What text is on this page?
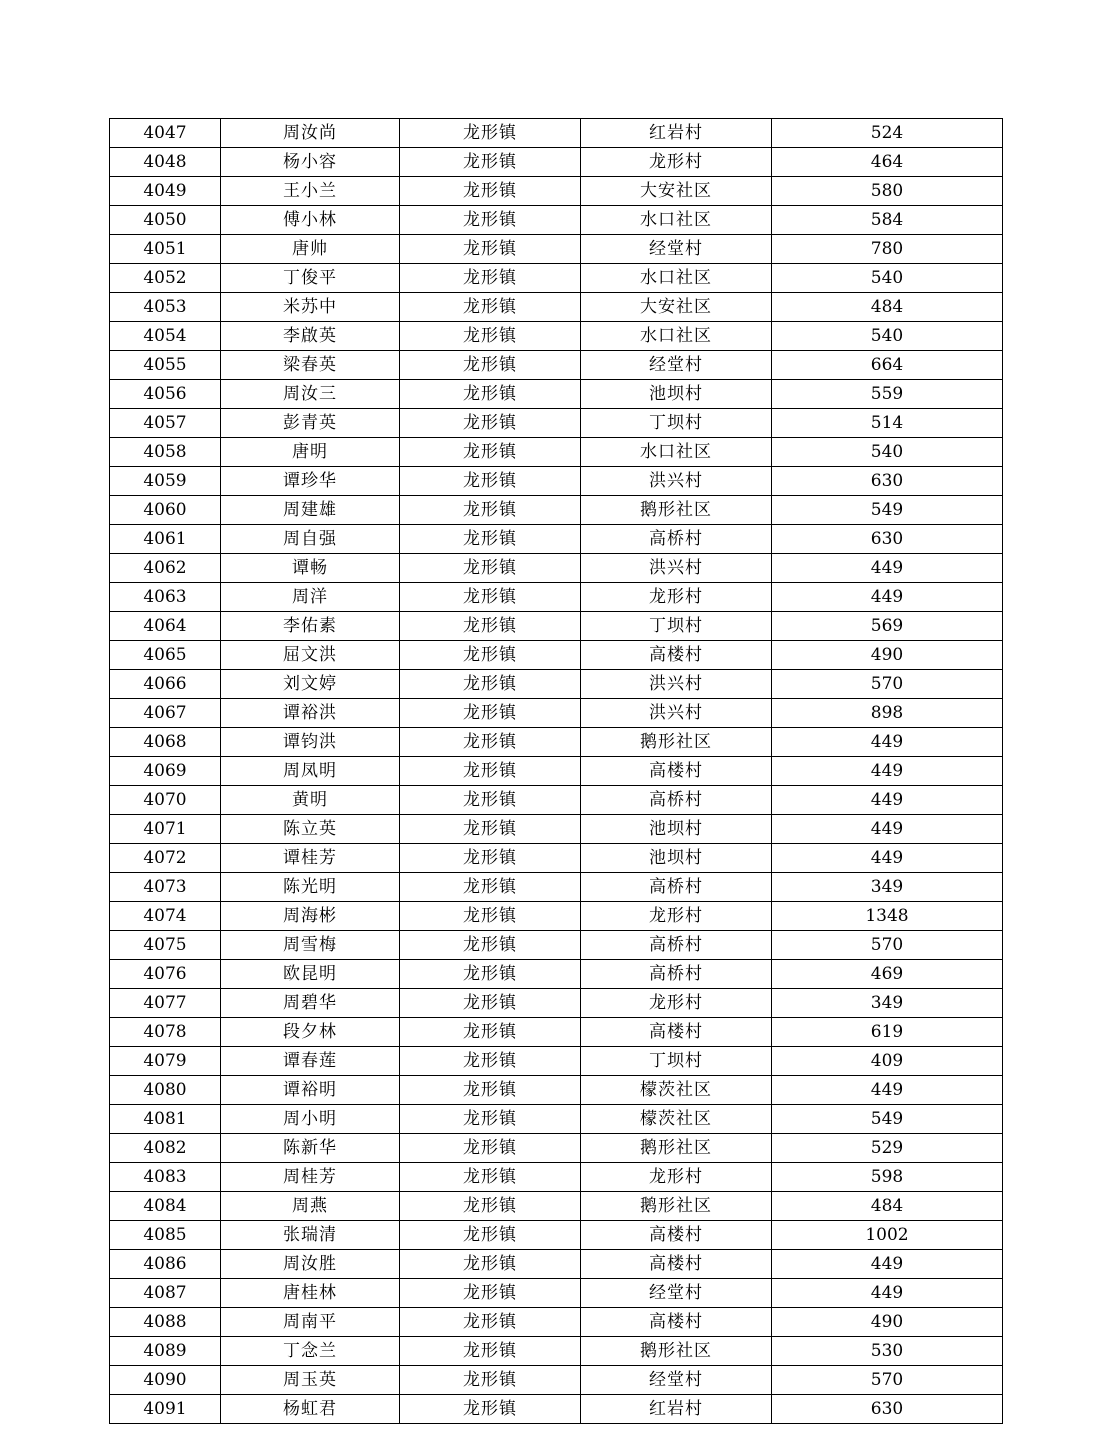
4047	周汝尚	龙形镇	红岩村	524
4048	杨小容	龙形镇	龙形村	464
4049	王小兰	龙形镇	大安社区	580
4050	傅小林	龙形镇	水口社区	584
4051	唐帅	龙形镇	经堂村	780
4052	丁俊平	龙形镇	水口社区	540
4053	米苏中	龙形镇	大安社区	484
4054	李啟英	龙形镇	水口社区	540
4055	梁春英	龙形镇	经堂村	664
4056	周汝三	龙形镇	池坝村	559
4057	彭青英	龙形镇	丁坝村	514
4058	唐明	龙形镇	水口社区	540
4059	谭珍华	龙形镇	洪兴村	630
4060	周建雄	龙形镇	鹅形社区	549
4061	周自强	龙形镇	高桥村	630
4062	谭畅	龙形镇	洪兴村	449
4063	周洋	龙形镇	龙形村	449
4064	李佑素	龙形镇	丁坝村	569
4065	屈文洪	龙形镇	高楼村	490
4066	刘文婷	龙形镇	洪兴村	570
4067	谭裕洪	龙形镇	洪兴村	898
4068	谭钧洪	龙形镇	鹅形社区	449
4069	周凤明	龙形镇	高楼村	449
4070	黄明	龙形镇	高桥村	449
4071	陈立英	龙形镇	池坝村	449
4072	谭桂芳	龙形镇	池坝村	449
4073	陈光明	龙形镇	高桥村	349
4074	周海彬	龙形镇	龙形村	1348
4075	周雪梅	龙形镇	高桥村	570
4076	欧昆明	龙形镇	高桥村	469
4077	周碧华	龙形镇	龙形村	349
4078	段夕林	龙形镇	高楼村	619
4079	谭春莲	龙形镇	丁坝村	409
4080	谭裕明	龙形镇	檬茨社区	449
4081	周小明	龙形镇	檬茨社区	549
4082	陈新华	龙形镇	鹅形社区	529
4083	周桂芳	龙形镇	龙形村	598
4084	周燕	龙形镇	鹅形社区	484
4085	张瑞清	龙形镇	高楼村	1002
4086	周汝胜	龙形镇	高楼村	449
4087	唐桂林	龙形镇	经堂村	449
4088	周南平	龙形镇	高楼村	490
4089	丁念兰	龙形镇	鹅形社区	530
4090	周玉英	龙形镇	经堂村	570
4091	杨虹君	龙形镇	红岩村	630
